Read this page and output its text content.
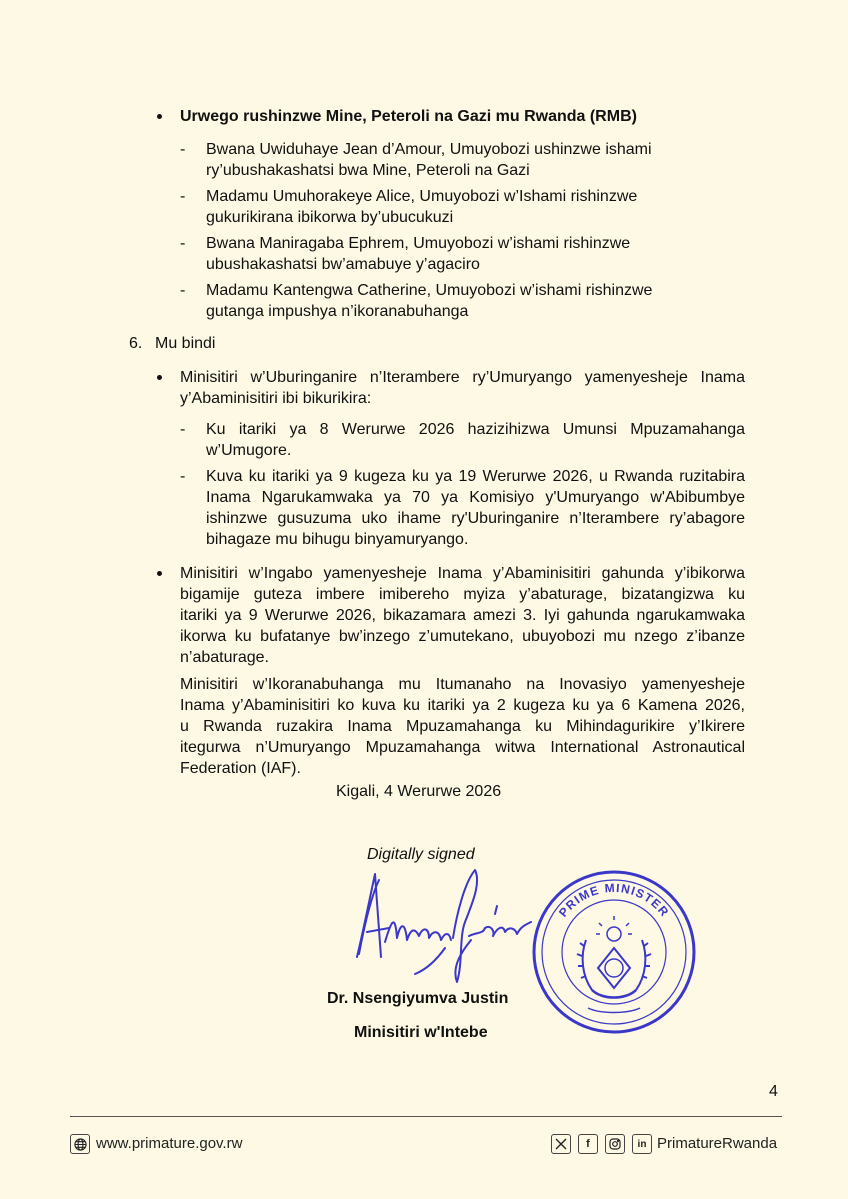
Urwego rushinzwe Mine, Peteroli na Gazi mu Rwanda (RMB)
- Bwana Uwiduhaye Jean d’Amour, Umuyobozi ushinzwe ishami
ry’ubushakashatsi bwa Mine, Peteroli na Gazi
- Madamu Umuhorakeye Alice, Umuyobozi w’Ishami rishinzwe
gukurikirana ibikorwa by’ubucukuzi
- Bwana Maniragaba Ephrem, Umuyobozi w’ishami rishinzwe
ubushakashatsi bw’amabuye y’agaciro
- Madamu Kantengwa Catherine, Umuyobozi w’ishami rishinzwe
gutanga impushya n’ikoranabuhanga
6. Mu bindi
Minisitiri w’Uburinganire n’Iterambere ry’Umuryango yamenyesheje Inama
y’Abaminisitiri ibi bikurikira:
- Ku itariki ya 8 Werurwe 2026 hazizihizwa Umunsi Mpuzamahanga
w’Umugore.
- Kuva ku itariki ya 9 kugeza ku ya 19 Werurwe 2026, u Rwanda ruzitabira
Inama Ngarukamwaka ya 70 ya Komisiyo y'Umuryango w'Abibumbye
ishinzwe gusuzuma uko ihame ry'Uburinganire n’Iterambere ry’abagore
bihagaze mu bihugu binyamuryango.
Minisitiri w’Ingabo yamenyesheje Inama y’Abaminisitiri gahunda y’ibikorwa
bigamije guteza imbere imibereho myiza y’abaturage, bizatangizwa ku
itariki ya 9 Werurwe 2026, bikazamara amezi 3. Iyi gahunda ngarukamwaka
ikorwa ku bufatanye bw’inzego z’umutekano, ubuyobozi mu nzego z’ibanze
n’abaturage.
Minisitiri w’Ikoranabuhanga mu Itumanaho na Inovasiyo yamenyesheje
Inama y’Abaminisitiri ko kuva ku itariki ya 2 kugeza ku ya 6 Kamena 2026,
u Rwanda ruzakira Inama Mpuzamahanga ku Mihindagurikire y’Ikirere
itegurwa n’Umuryango Mpuzamahanga witwa International Astronautical
Federation (IAF).
Kigali, 4 Werurwe 2026
Digitally signed
Dr. Nsengiyumva Justin
Minisitiri w'Intebe
PRIME MINISTER
4
www.primature.gov.rw	f	in PrimatureRwanda
